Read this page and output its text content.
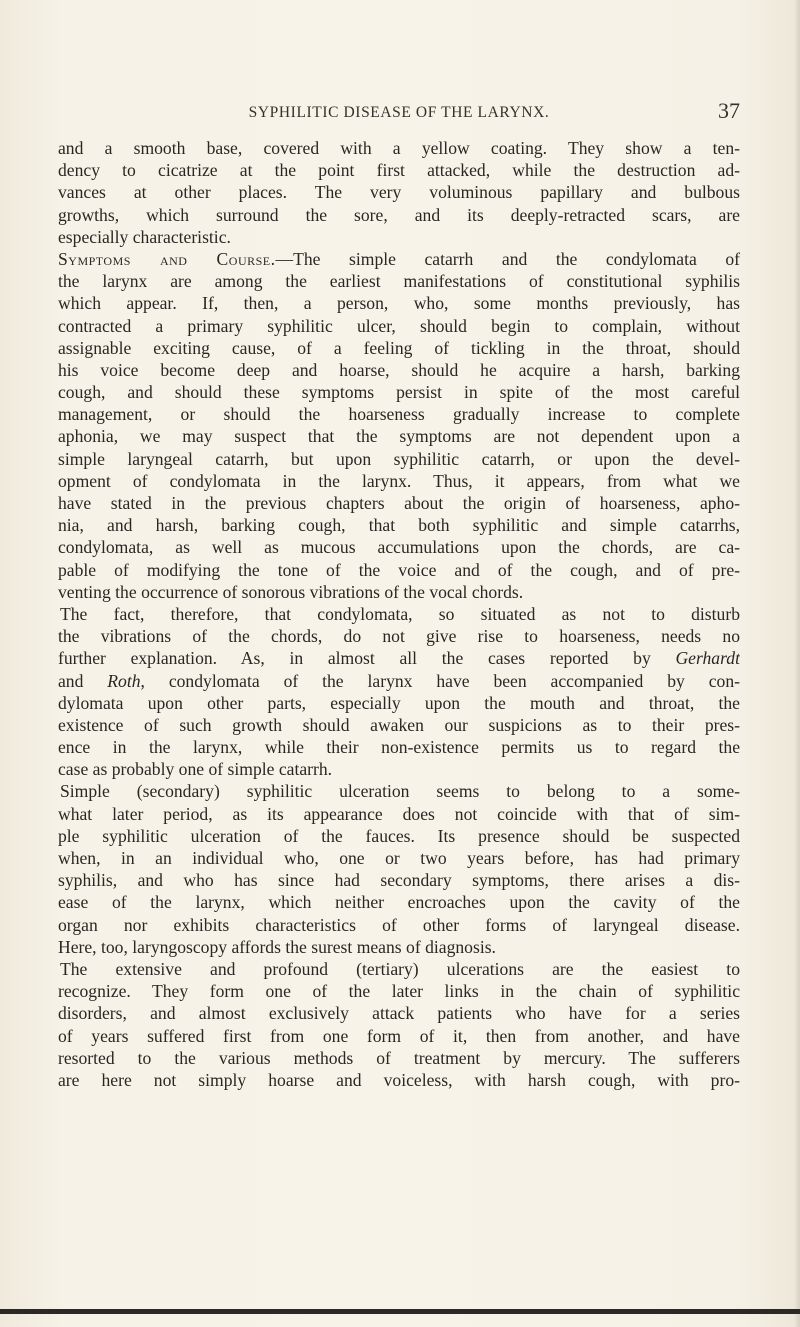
SYPHILITIC DISEASE OF THE LARYNX.	37
and a smooth base, covered with a yellow coating. They show a ten-
dency to cicatrize at the point first attacked, while the destruction ad-
vances at other places. The very voluminous papillary and bulbous
growths, which surround the sore, and its deeply-retracted scars, are
especially characteristic.
Symptoms and Course.—The simple catarrh and the condylomata of
the larynx are among the earliest manifestations of constitutional syphilis
which appear. If, then, a person, who, some months previously, has
contracted a primary syphilitic ulcer, should begin to complain, without
assignable exciting cause, of a feeling of tickling in the throat, should
his voice become deep and hoarse, should he acquire a harsh, barking
cough, and should these symptoms persist in spite of the most careful
management, or should the hoarseness gradually increase to complete
aphonia, we may suspect that the symptoms are not dependent upon a
simple laryngeal catarrh, but upon syphilitic catarrh, or upon the devel-
opment of condylomata in the larynx. Thus, it appears, from what we
have stated in the previous chapters about the origin of hoarseness, apho-
nia, and harsh, barking cough, that both syphilitic and simple catarrhs,
condylomata, as well as mucous accumulations upon the chords, are ca-
pable of modifying the tone of the voice and of the cough, and of pre-
venting the occurrence of sonorous vibrations of the vocal chords.
The fact, therefore, that condylomata, so situated as not to disturb
the vibrations of the chords, do not give rise to hoarseness, needs no
further explanation. As, in almost all the cases reported by Gerhardt
and Roth, condylomata of the larynx have been accompanied by con-
dylomata upon other parts, especially upon the mouth and throat, the
existence of such growth should awaken our suspicions as to their pres-
ence in the larynx, while their non-existence permits us to regard the
case as probably one of simple catarrh.
Simple (secondary) syphilitic ulceration seems to belong to a some-
what later period, as its appearance does not coincide with that of sim-
ple syphilitic ulceration of the fauces. Its presence should be suspected
when, in an individual who, one or two years before, has had primary
syphilis, and who has since had secondary symptoms, there arises a dis-
ease of the larynx, which neither encroaches upon the cavity of the
organ nor exhibits characteristics of other forms of laryngeal disease.
Here, too, laryngoscopy affords the surest means of diagnosis.
The extensive and profound (tertiary) ulcerations are the easiest to
recognize. They form one of the later links in the chain of syphilitic
disorders, and almost exclusively attack patients who have for a series
of years suffered first from one form of it, then from another, and have
resorted to the various methods of treatment by mercury. The sufferers
are here not simply hoarse and voiceless, with harsh cough, with pro-
